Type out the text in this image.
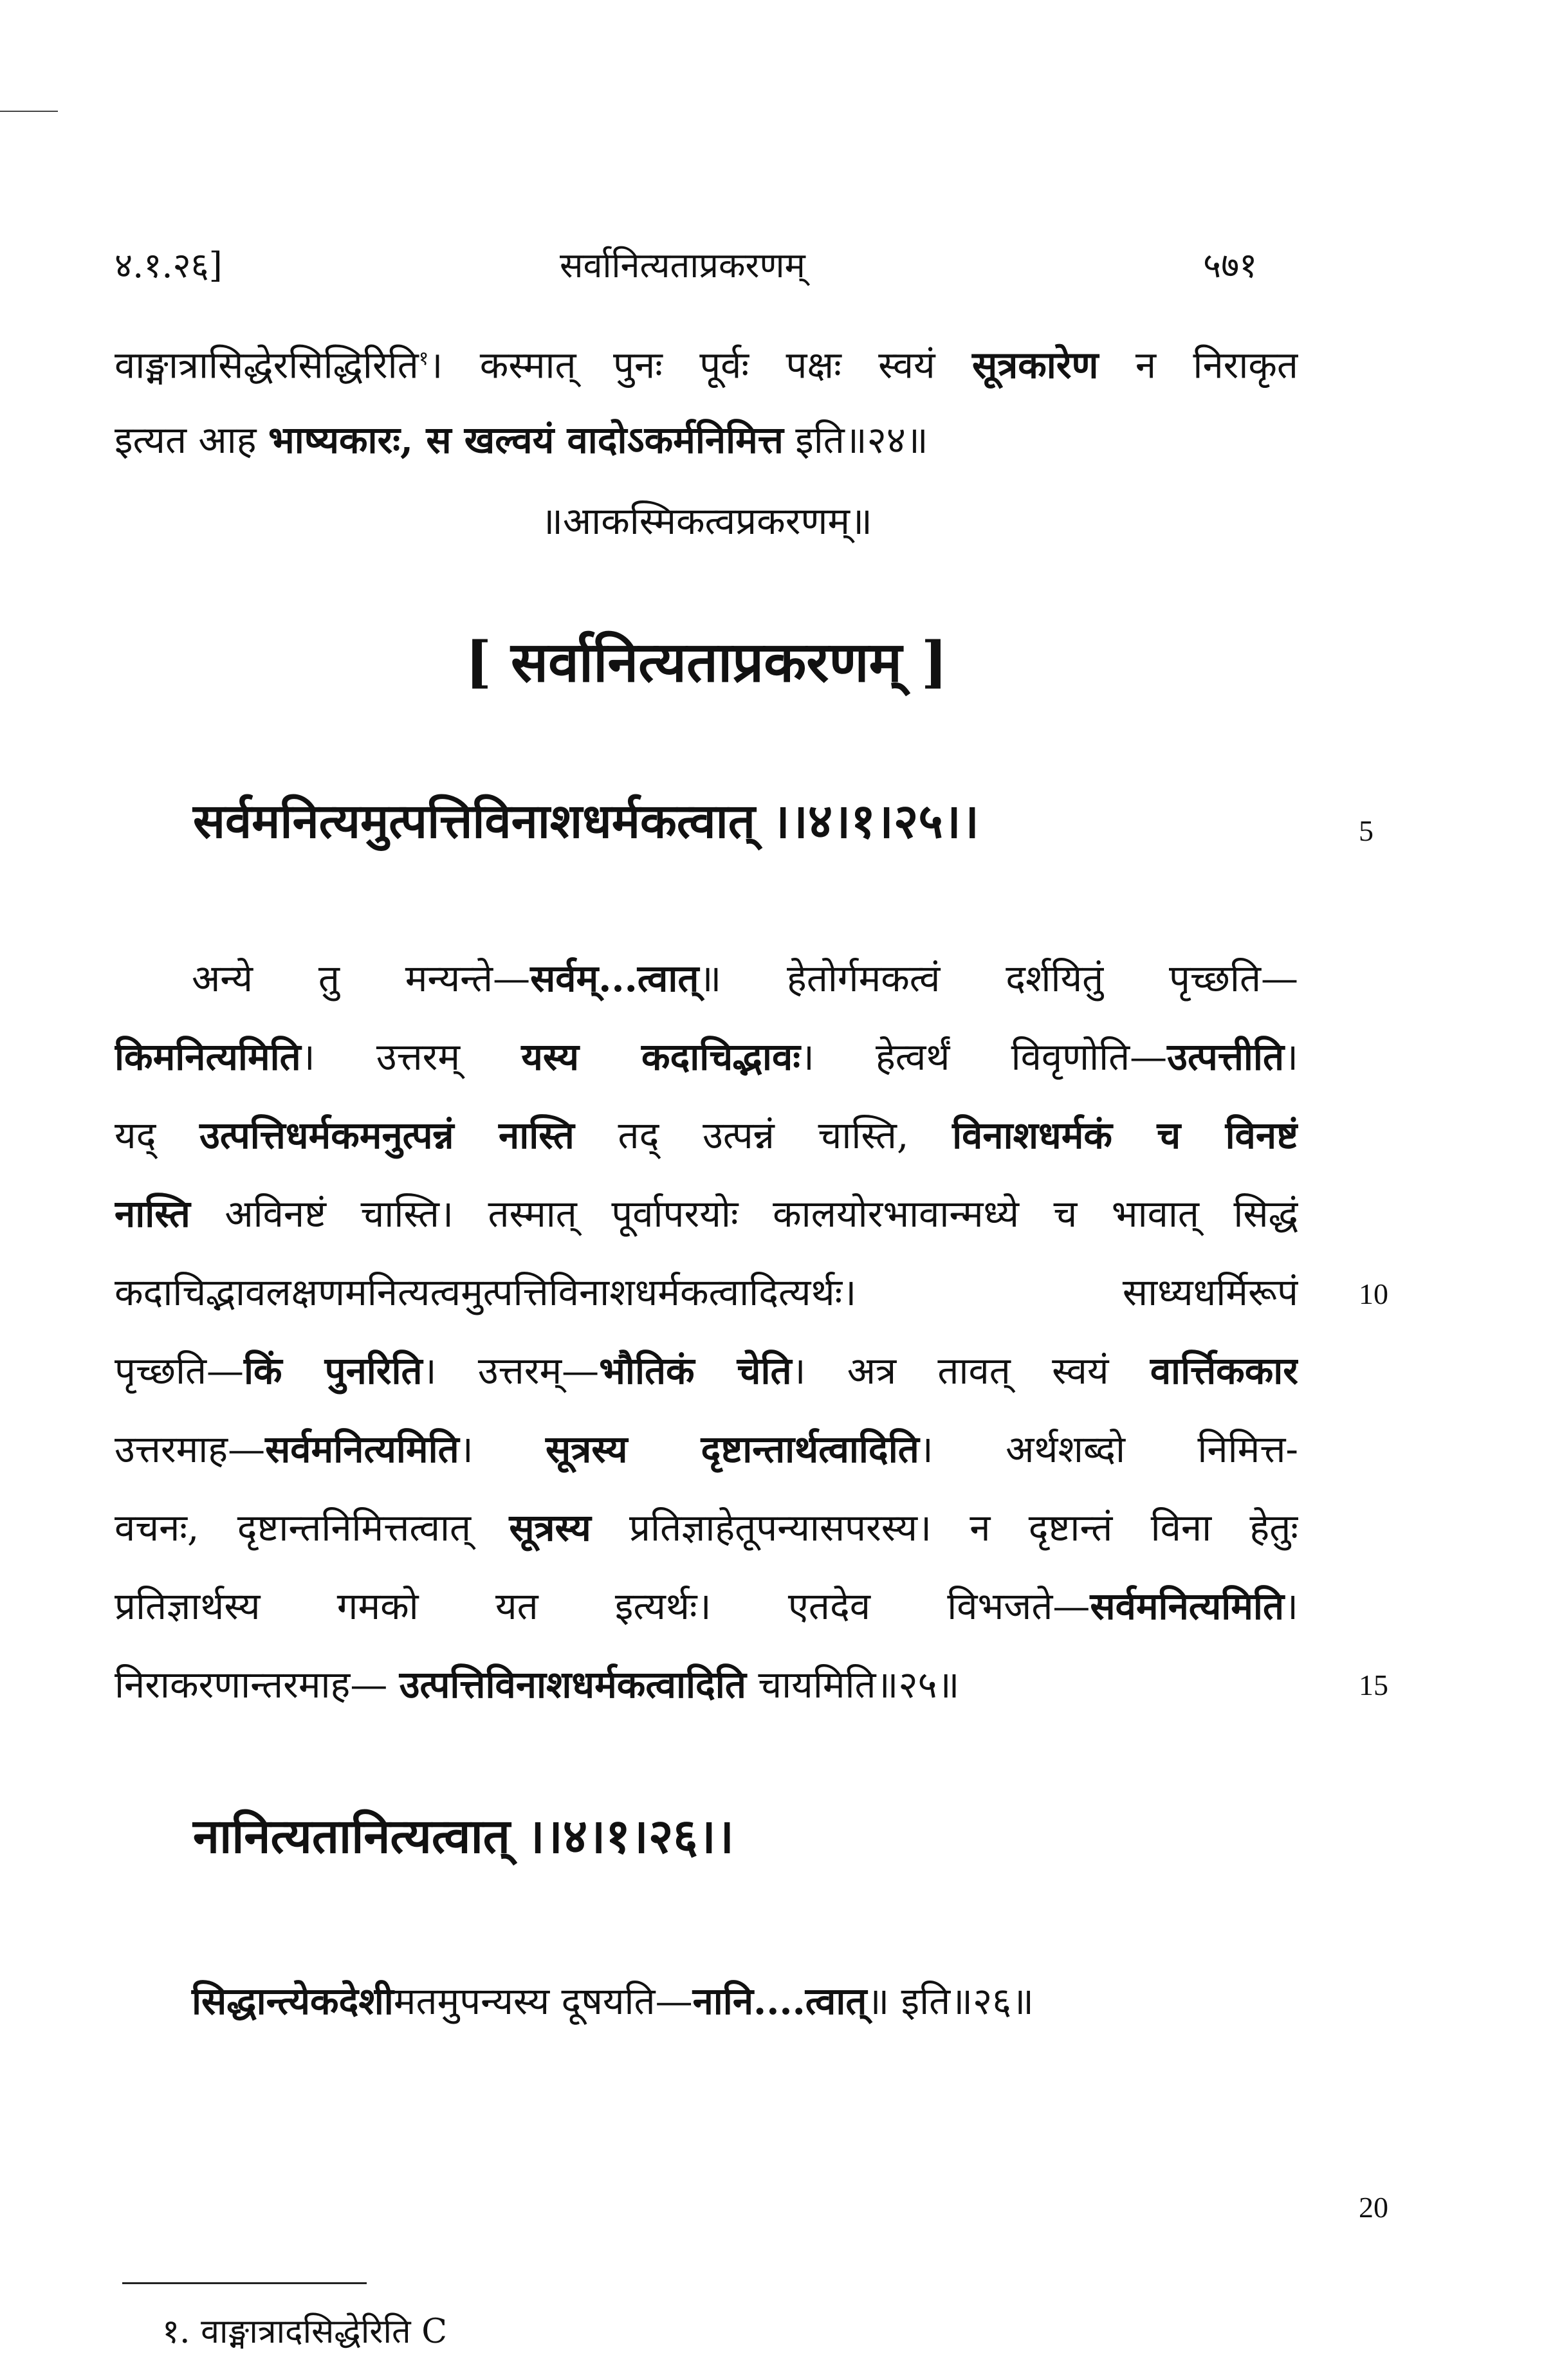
४.१.२६]	सर्वानित्यताप्रकरणम्	५७१
वाङ्मात्रासिद्धेरसिद्धिरिति$^१$। कस्मात् पुनः पूर्वः पक्षः स्वयं सूत्रकारेण न निराकृत
इत्यत आह भाष्यकारः, स खल्वयं वादोऽकर्मनिमित्त इति॥२४॥
॥आकस्मिकत्वप्रकरणम्॥
[ सर्वानित्यताप्रकरणम् ]
सर्वमनित्यमुत्पत्तिविनाशधर्मकत्वात् ।।४।१।२५।।	5
अन्ये तु मन्यन्ते—सर्वम्...त्वात्॥ हेतोर्गमकत्वं दर्शयितुं पृच्छति—
किमनित्यमिति। उत्तरम् यस्य कदाचिद्भावः। हेत्वर्थं विवृणोति—उत्पत्तीति।
यद् उत्पत्तिधर्मकमनुत्पन्नं नास्ति तद् उत्पन्नं चास्ति, विनाशधर्मकं च विनष्टं
नास्ति अविनष्टं चास्ति। तस्मात् पूर्वापरयोः कालयोरभावान्मध्ये च भावात् सिद्धं
कदाचिद्भावलक्षणमनित्यत्वमुत्पत्तिविनाशधर्मकत्वादित्यर्थः। साध्यधर्मिरूपं
पृच्छति—किं पुनरिति। उत्तरम्—भौतिकं चेति। अत्र तावत् स्वयं वार्त्तिककार
उत्तरमाह—सर्वमनित्यमिति। सूत्रस्य दृष्टान्तार्थत्वादिति। अर्थशब्दो निमित्त-
वचनः, दृष्टान्तनिमित्तत्वात् सूत्रस्य प्रतिज्ञाहेतूपन्यासपरस्य। न दृष्टान्तं विना हेतुः
प्रतिज्ञार्थस्य गमको यत इत्यर्थः। एतदेव विभजते—सर्वमनित्यमिति।
निराकरणान्तरमाह— उत्पत्तिविनाशधर्मकत्वादिति चायमिति॥२५॥
10
15
नानित्यतानित्यत्वात् ।।४।१।२६।।
सिद्धान्त्येकदेशीमतमुपन्यस्य दूषयति—नानि....त्वात्॥ इति॥२६॥
20
१. वाङ्मात्रादसिद्धेरिति C
